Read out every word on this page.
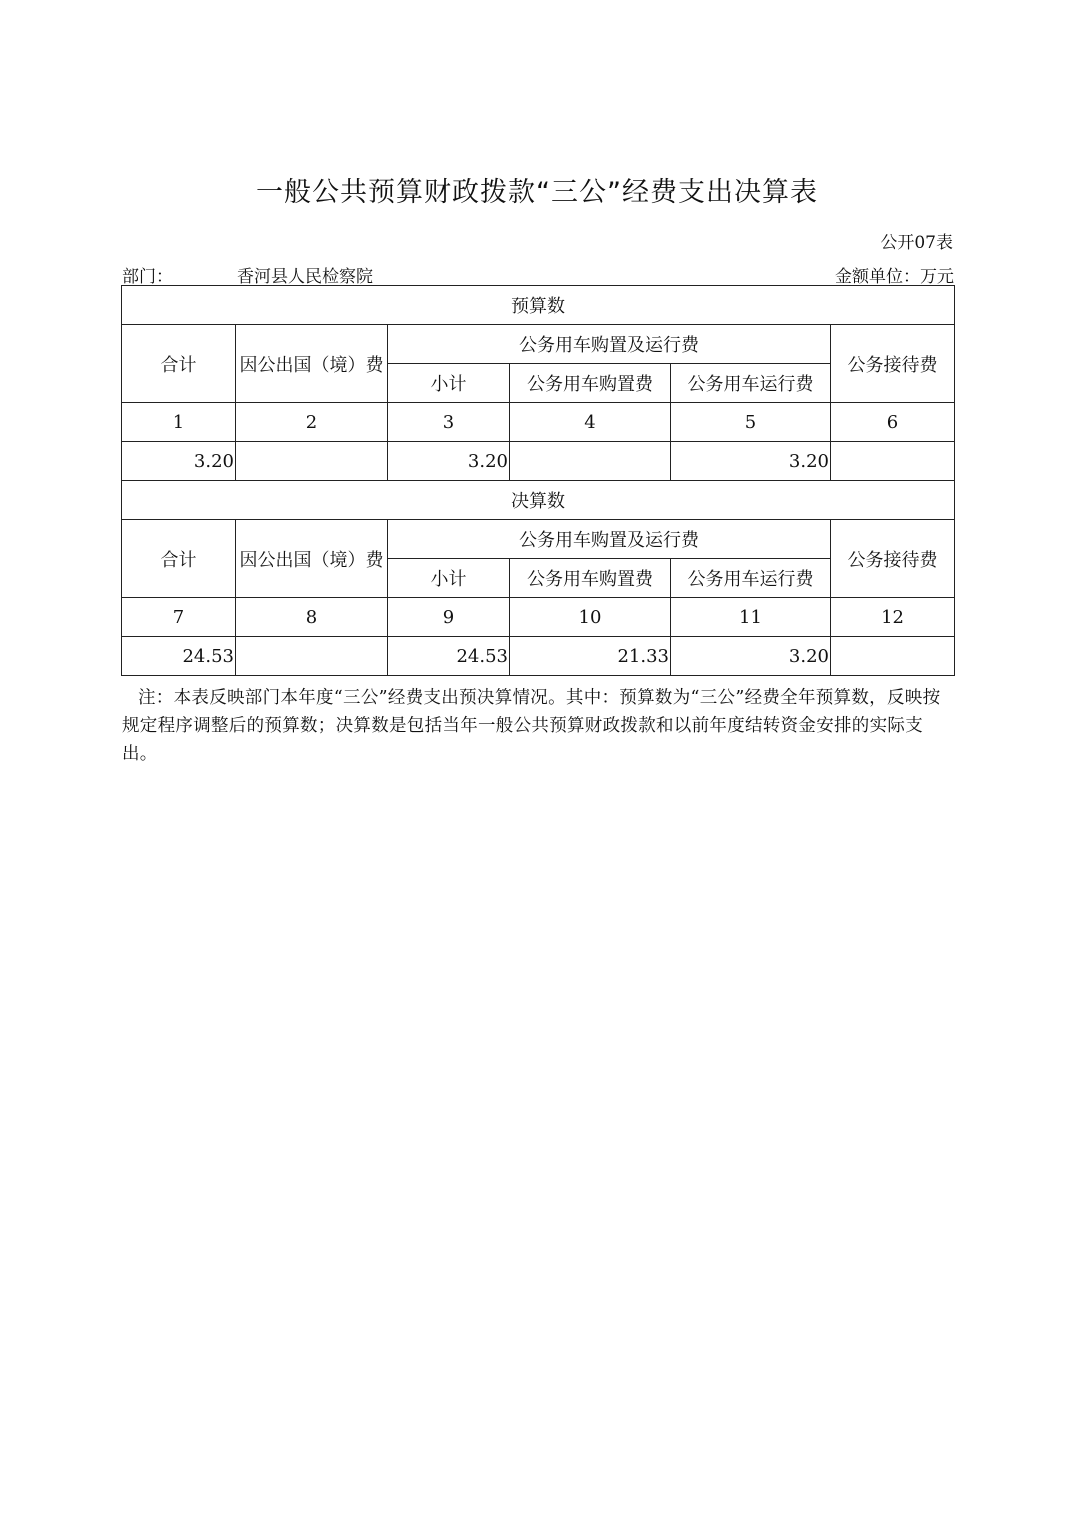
一般公共预算财政拨款“三公”经费支出决算表
公开07表
部门：	香河县人民检察院	金额单位：万元
预算数					
合计	因公出国（境）费	公务用车购置及运行费			公务接待费
		小计	公务用车购置费	公务用车运行费	
1	2	3	4	5	6
3.20		3.20		3.20	
决算数					
合计	因公出国（境）费	公务用车购置及运行费			公务接待费
		小计	公务用车购置费	公务用车运行费	
7	8	9	10	11	12
24.53		24.53	21.33	3.20	
注：本表反映部门本年度“三公”经费支出预决算情况。其中：预算数为“三公”经费全年预算数，反映按规定程序调整后的预算数；决算数是包括当年一般公共预算财政拨款和以前年度结转资金安排的实际支出。
